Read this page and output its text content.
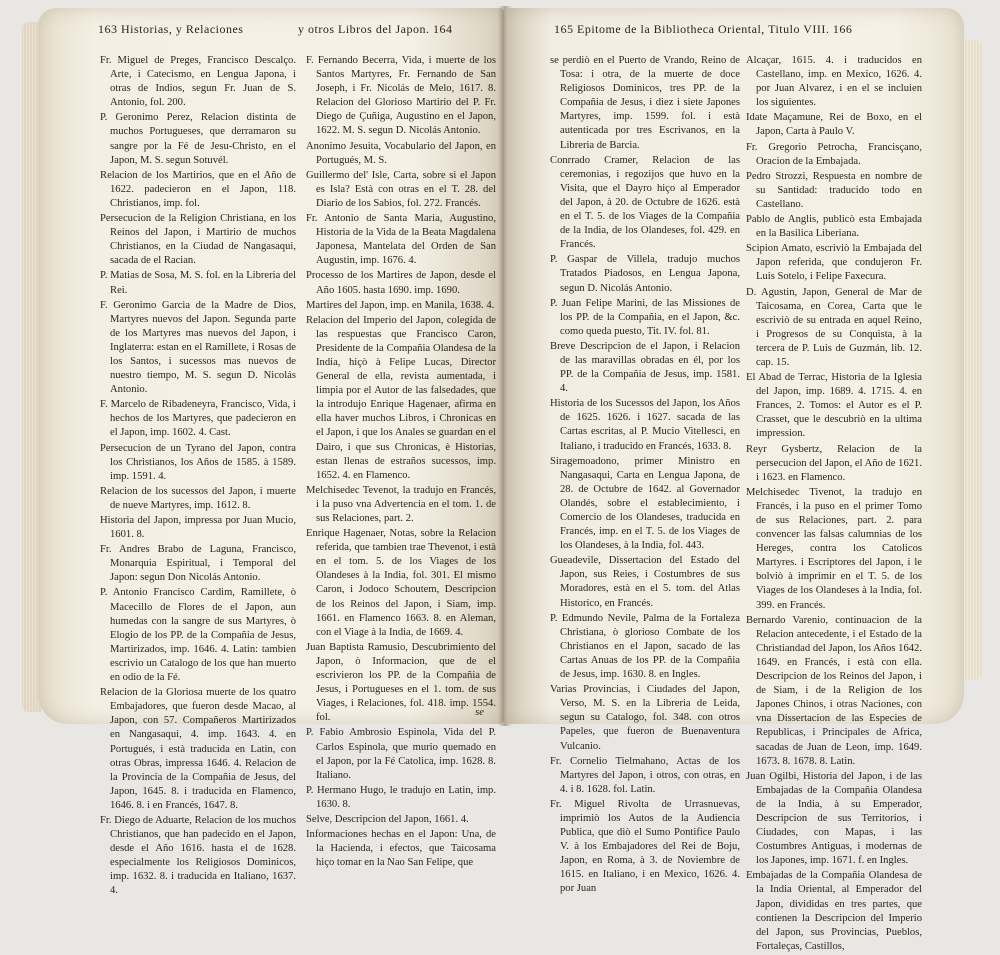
163 Historias, y Relaciones	y otros Libros del Japon. 164

Fr. Miguel de Preges, Francisco Descalço. Arte, i Catecismo, en Lengua Japona, i otras de Indios, segun Fr. Juan de S. Antonio, fol. 200.

P. Geronimo Perez, Relacion distinta de muchos Portugueses, que derramaron su sangre por la Fé de Jesu-Christo, en el Japon, M. S. segun Sotuvél.

Relacion de los Martirios, que en el Año de 1622. padecieron en el Japon, 118. Christianos, imp. fol.

Persecucion de la Religion Christiana, en los Reinos del Japon, i Martirio de muchos Christianos, en la Ciudad de Nangasaqui, sacada de el Racian.

P. Matias de Sosa, M. S. fol. en la Libreria del Rei.

F. Geronimo Garcia de la Madre de Dios, Martyres nuevos del Japon. Segunda parte de los Martyres mas nuevos del Japon, i Inglaterra: estan en el Ramillete, i Rosas de los Santos, i sucessos mas nuevos de nuestro tiempo, M. S. segun D. Nicolás Antonio.

F. Marcelo de Ribadeneyra, Francisco, Vida, i hechos de los Martyres, que padecieron en el Japon, imp. 1602. 4. Cast.

Persecucion de un Tyrano del Japon, contra los Christianos, los Años de 1585. à 1589. imp. 1591. 4.

Relacion de los sucessos del Japon, i muerte de nueve Martyres, imp. 1612. 8.

Historia del Japon, impressa por Juan Mucio, 1601. 8.

Fr. Andres Brabo de Laguna, Francisco, Monarquia Espiritual, i Temporal del Japon: segun Don Nicolás Antonio.

P. Antonio Francisco Cardim, Ramillete, ò Macecillo de Flores de el Japon, aun humedas con la sangre de sus Martyres, ò Elogio de los PP. de la Compañia de Jesus, Martirizados, imp. 1646. 4. Latin: tambien escrivio un Catalogo de los que han muerto en odio de la Fé.

Relacion de la Gloriosa muerte de los quatro Embajadores, que fueron desde Macao, al Japon, con 57. Compañeros Martirizados en Nangasaqui, 4. imp. 1643. 4. en Portugués, i està traducida en Latin, con otras Obras, impressa 1646. 4. Relacion de la Provincia de la Compañia de Jesus, del Japon, 1645. 8. i traducida en Flamenco, 1646. 8. i en Francés, 1647. 8.

Fr. Diego de Aduarte, Relacion de los muchos Christianos, que han padecido en el Japon, desde el Año 1616. hasta el de 1628. especialmente los Religiosos Dominicos, imp. 1632. 8. i traducida en Italiano, 1637. 4.

F. Fernando Becerra, Vida, i muerte de los Santos Martyres, Fr. Fernando de San Joseph, i Fr. Nicolás de Melo, 1617. 8. Relacion del Glorioso Martirio del P. Fr. Diego de Çuñiga, Augustino en el Japon, 1622. M. S. segun D. Nicolás Antonio.

Anonimo Jesuita, Vocabulario del Japon, en Portugués, M. S.

Guillermo del' Isle, Carta, sobre si el Japon es Isla? Està con otras en el T. 28. del Diario de los Sabios, fol. 272. Francés.

Fr. Antonio de Santa Maria, Augustino, Historia de la Vida de la Beata Magdalena Japonesa, Mantelata del Orden de San Augustin, imp. 1676. 4.

Processo de los Martires de Japon, desde el Año 1605. hasta 1690. imp. 1690.

Martires del Japon, imp. en Manila, 1638. 4.

Relacion del Imperio del Japon, colegida de las respuestas que Francisco Caron, Presidente de la Compañia Olandesa de la India, hiçò à Felipe Lucas, Director General de ella, revista aumentada, i limpia por el Autor de las falsedades, que la introdujo Enrique Hagenaer, afirma en ella haver muchos Libros, i Chronicas en el Japon, i que los Anales se guardan en el Dairo, i que sus Chronicas, è Historias, estan llenas de estraños sucessos, imp. 1652. 4. en Flamenco.

Melchisedec Tevenot, la tradujo en Francés, i la puso vna Advertencia en el tom. 1. de sus Relaciones, part. 2.

Enrique Hagenaer, Notas, sobre la Relacion referida, que tambien trae Thevenot, i està en el tom. 5. de los Viages de los Olandeses à la India, fol. 301. El mismo Caron, i Jodoco Schoutem, Descripcion de los Reinos del Japon, i Siam, imp. 1661. en Flamenco 1663. 8. en Aleman, con el Viage à la India, de 1669. 4.

Juan Baptista Ramusio, Descubrimiento del Japon, ò Informacion, que de el escrivieron los PP. de la Compañia de Jesus, i Portugueses en el 1. tom. de sus Viages, i Relaciones, fol. 418. imp. 1554. fol.

P. Fabio Ambrosio Espinola, Vida del P. Carlos Espinola, que murio quemado en el Japon, por la Fé Catolica, imp. 1628. 8. Italiano.

P. Hermano Hugo, le tradujo en Latin, imp. 1630. 8.

Selve, Descripcion del Japon, 1661. 4.

Informaciones hechas en el Japon: Una, de la Hacienda, i efectos, que Taicosama hiço tomar en la Nao San Felipe, que

se
165 Epitome de la Bibliotheca Oriental, Titulo VIII. 166

se perdiò en el Puerto de Vrando, Reino de Tosa: i otra, de la muerte de doce Religiosos Dominicos, tres PP. de la Compañia de Jesus, i diez i siete Japones Martyres, imp. 1599. fol. i està autenticada por tres Escrivanos, en la Libreria de Barcia.

Conrrado Cramer, Relacion de las ceremonias, i regozijos que huvo en la Visita, que el Dayro hiço al Emperador del Japon, à 20. de Octubre de 1626. està en el T. 5. de los Viages de la Compañia de la India, de los Olandeses, fol. 429. en Francés.

P. Gaspar de Villela, tradujo muchos Tratados Piadosos, en Lengua Japona, segun D. Nicolás Antonio.

P. Juan Felipe Marini, de las Missiones de los PP. de la Compañia, en el Japon, &c. como queda puesto, Tit. IV. fol. 81.

Breve Descripcion de el Japon, i Relacion de las maravillas obradas en él, por los PP. de la Compañia de Jesus, imp. 1581. 4.

Historia de los Sucessos del Japon, los Años de 1625. 1626. i 1627. sacada de las Cartas escritas, al P. Mucio Vitellesci, en Italiano, i traducido en Francés, 1633. 8.

Siragemoadono, primer Ministro en Nangasaqui, Carta en Lengua Japona, de 28. de Octubre de 1642. al Governador Olandés, sobre el establecimiento, i Comercio de los Olandeses, traducida en Francés, imp. en el T. 5. de los Viages de los Olandeses, à la India, fol. 443.

Gueadevile, Dissertacion del Estado del Japon, sus Reies, i Costumbres de sus Moradores, està en el 5. tom. del Atlas Historico, en Francés.

P. Edmundo Nevile, Palma de la Fortaleza Christiana, ò glorioso Combate de los Christianos en el Japon, sacado de las Cartas Anuas de los PP. de la Compañia de Jesus, imp. 1630. 8. en Ingles.

Varias Provincias, i Ciudades del Japon, Verso, M. S. en la Libreria de Leida, segun su Catalogo, fol. 348. con otros Papeles, que fueron de Buenaventura Vulcanio.

Fr. Cornelio Tielmahano, Actas de los Martyres del Japon, i otros, con otras, en 4. i 8. 1628. fol. Latin.

Fr. Miguel Rivolta de Urrasnuevas, imprimiò los Autos de la Audiencia Publica, que diò el Sumo Pontifice Paulo V. à los Embajadores del Rei de Boju, Japon, en Roma, à 3. de Noviembre de 1615. en Italiano, i en Mexico, 1626. 4. por Juan

Alcaçar, 1615. 4. i traducidos en Castellano, imp. en Mexico, 1626. 4. por Juan Alvarez, i en el se incluien los siguientes.

Idate Maçamune, Rei de Boxo, en el Japon, Carta à Paulo V.

Fr. Gregorio Petrocha, Francisçano, Oracion de la Embajada.

Pedro Strozzi, Respuesta en nombre de su Santidad: traducido todo en Castellano.

Pablo de Anglis, publicò esta Embajada en la Basilica Liberiana.

Scipion Amato, escriviò la Embajada del Japon referida, que condujeron Fr. Luis Sotelo, i Felipe Faxecura.

D. Agustin, Japon, General de Mar de Taicosama, en Corea, Carta que le escriviò de su entrada en aquel Reino, i Progresos de su Conquista, à la tercera de P. Luis de Guzmán, lib. 12. cap. 15.

El Abad de Terrac, Historia de la Iglesia del Japon, imp. 1689. 4. 1715. 4. en Frances, 2. Tomos: el Autor es el P. Crasset, que le descubriò en la ultima impression.

Reyr Gysbertz, Relacion de la persecucion del Japon, el Año de 1621. i 1623. en Flamenco.

Melchisedec Tivenot, la tradujo en Francés, i la puso en el primer Tomo de sus Relaciones, part. 2. para convencer las falsas calumnias de los Hereges, contra los Catolicos Martyres. i Escriptores del Japon, i le bolviò à imprimir en el T. 5. de los Viages de los Olandeses à la India, fol. 399. en Francés.

Bernardo Varenio, continuacion de la Relacion antecedente, i el Estado de la Christiandad del Japon, los Años 1642. 1649. en Francés, i està con ella. Descripcion de los Reinos del Japon, i de Siam, i de la Religion de los Japones Chinos, i otras Naciones, con vna Dissertacion de las Especies de Republicas, i Principales de Africa, sacadas de Juan de Leon, imp. 1649. 1673. 8. 1678. 8. Latin.

Juan Ogilbi, Historia del Japon, i de las Embajadas de la Compañia Olandesa de la India, à su Emperador, Descripcion de sus Territorios, i Ciudades, con Mapas, i las Costumbres Antiguas, i modernas de los Japones, imp. 1671. f. en Ingles.

Embajadas de la Compañia Olandesa de la India Oriental, al Emperador del Japon, divididas en tres partes, que contienen la Descripcion del Imperio del Japon, sus Provincias, Pueblos, Fortaleças, Castillos,
